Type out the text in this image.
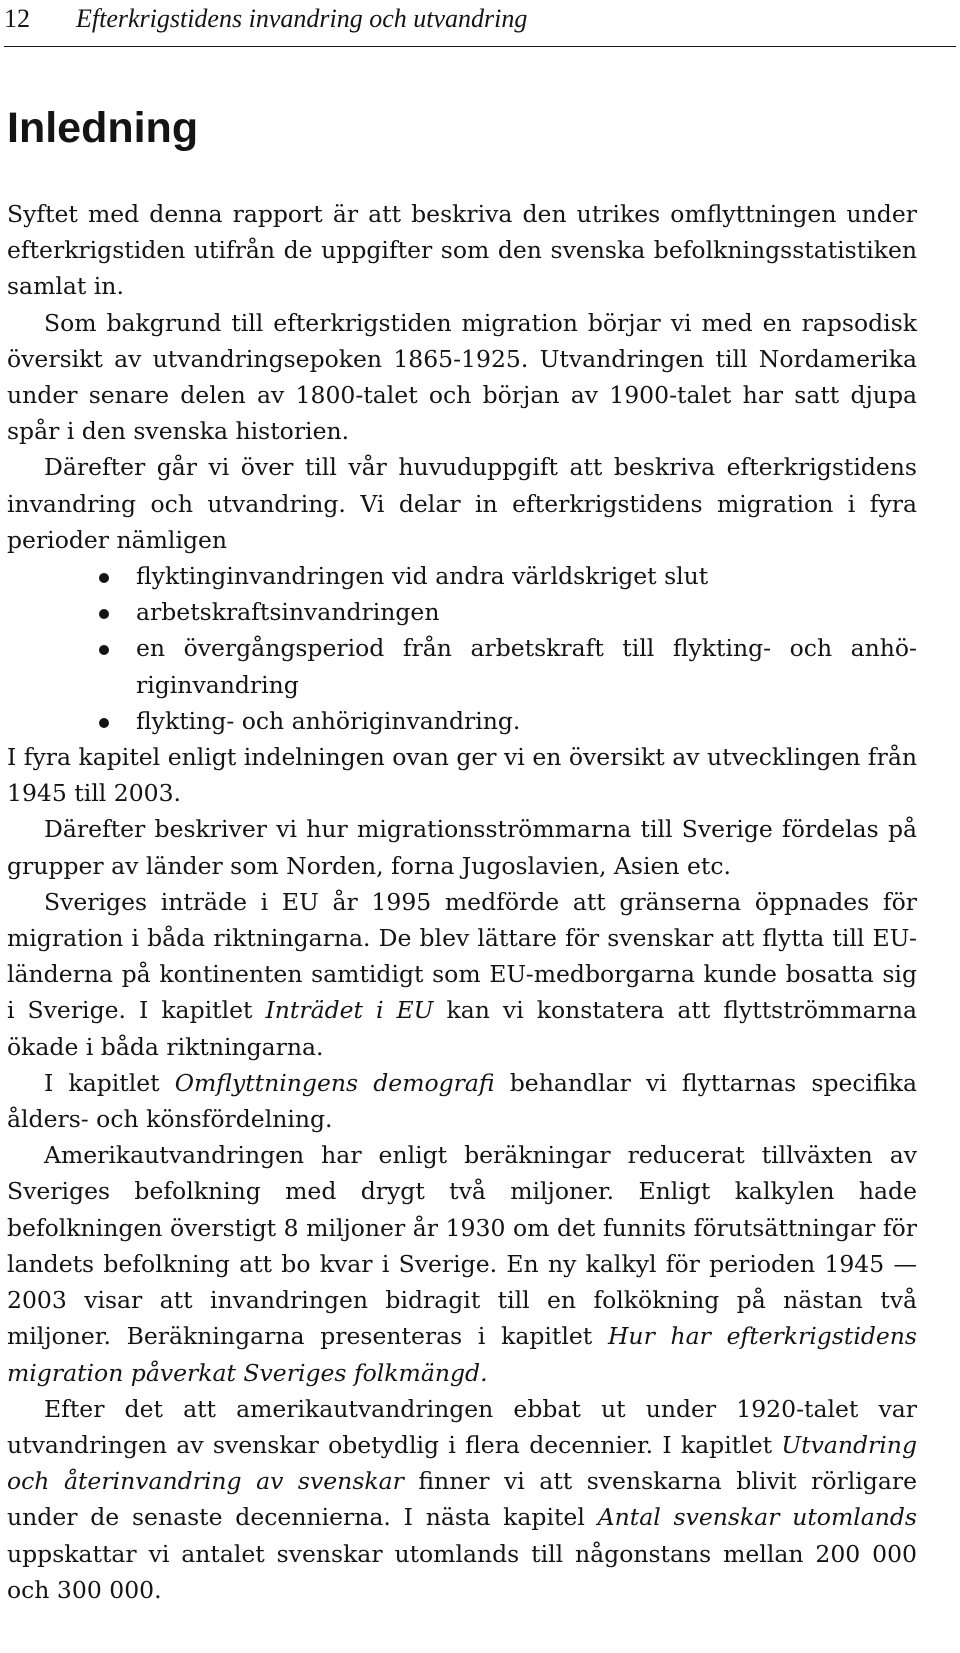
12 Efterkrigstidens invandring och utvandring
Inledning

Syftet med denna rapport är att beskriva den utrikes omflyttningen under efterkrigstiden utifrån de uppgifter som den svenska befolkningsstatistiken samlat in.

Som bakgrund till efterkrigstiden migration börjar vi med en rapsodisk översikt av utvandringsepoken 1865-1925. Utvandringen till Nordamerika under senare delen av 1800-talet och början av 1900-talet har satt djupa spår i den svenska historien.

Därefter går vi över till vår huvuduppgift att beskriva efterkrigstidens invandring och utvandring. Vi delar in efterkrigstidens migration i fyra perioder nämligen

flyktinginvandringen vid andra världskriget slut
arbetskraftsinvandringen
en övergångsperiod från arbetskraft till flykting- och anhöriginvandring
flykting- och anhöriginvandring.

I fyra kapitel enligt indelningen ovan ger vi en översikt av utvecklingen från 1945 till 2003.

Därefter beskriver vi hur migrationsströmmarna till Sverige fördelas på grupper av länder som Norden, forna Jugoslavien, Asien etc.

Sveriges inträde i EU år 1995 medförde att gränserna öppnades för migration i båda riktningarna. De blev lättare för svenskar att flytta till EU-länderna på kontinenten samtidigt som EU-medborgarna kunde bosatta sig i Sverige. I kapitlet Inträdet i EU kan vi konstatera att flyttströmmarna ökade i båda riktningarna.

I kapitlet Omflyttningens demografi behandlar vi flyttarnas specifika ålders- och könsfördelning.

Amerikautvandringen har enligt beräkningar reducerat tillväxten av Sveriges befolkning med drygt två miljoner. Enligt kalkylen hade befolkningen överstigt 8 miljoner år 1930 om det funnits förutsättningar för landets befolkning att bo kvar i Sverige. En ny kalkyl för perioden 1945 — 2003 visar att invandringen bidragit till en folkökning på nästan två miljoner. Beräkningarna presenteras i kapitlet Hur har efterkrigstidens migration påverkat Sveriges folkmängd.

Efter det att amerikautvandringen ebbat ut under 1920-talet var utvandringen av svenskar obetydlig i flera decennier. I kapitlet Utvandring och återinvandring av svenskar finner vi att svenskarna blivit rörligare under de senaste decennierna. I nästa kapitel Antal svenskar utomlands uppskattar vi antalet svenskar utomlands till någonstans mellan 200 000 och 300 000.
